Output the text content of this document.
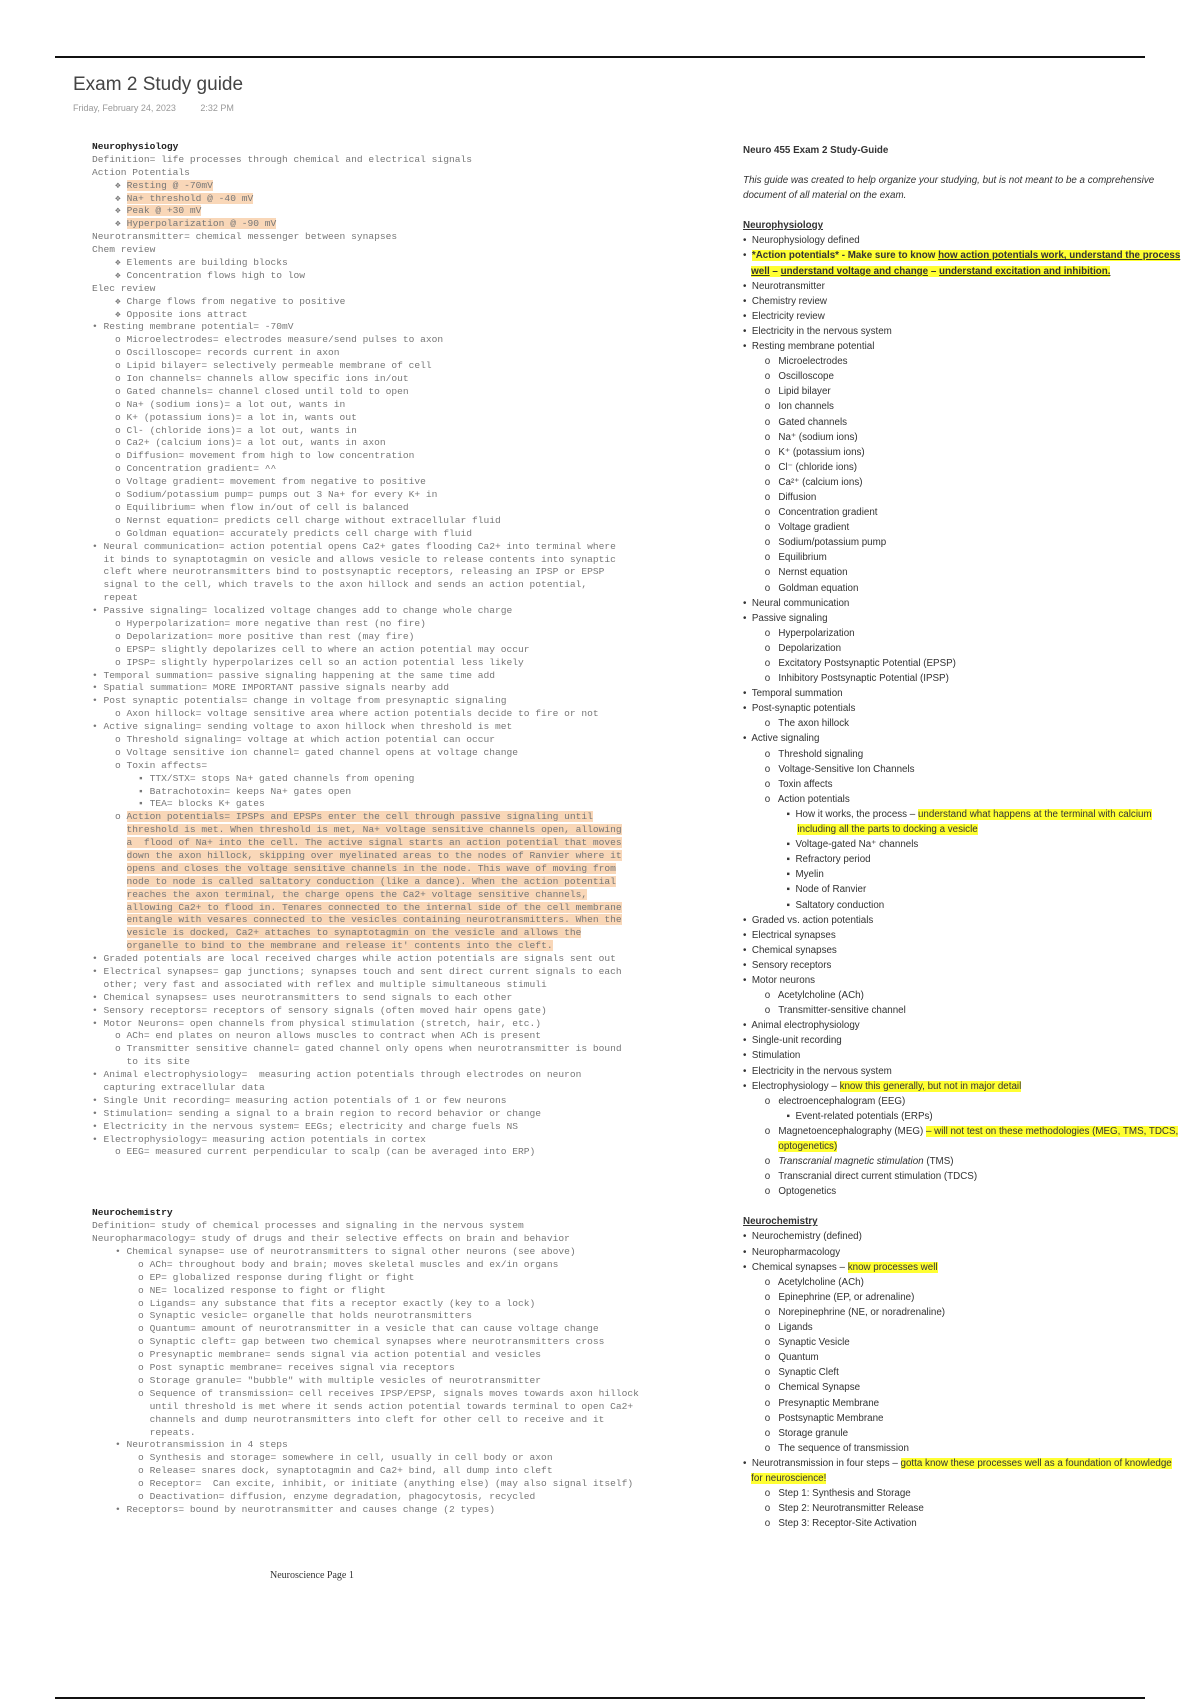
Exam 2 Study guide
Friday, February 24, 2023	2:32 PM
Neurophysiology
Definition= life processes through chemical and electrical signals
Action Potentials
❖ Resting @ -70mV
❖ Na+ threshold @ -40 mV
❖ Peak @ +30 mV
❖ Hyperpolarization @ -90 mV
Neurotransmitter= chemical messenger between synapses
Chem review
❖ Elements are building blocks
❖ Concentration flows high to low
Elec review
❖ Charge flows from negative to positive
❖ Opposite ions attract
• Resting membrane potential= -70mV
o Microelectrodes= electrodes measure/send pulses to axon
o Oscilloscope= records current in axon
o Lipid bilayer= selectively permeable membrane of cell
o Ion channels= channels allow specific ions in/out
o Gated channels= channel closed until told to open
o Na+ (sodium ions)= a lot out, wants in
o K+ (potassium ions)= a lot in, wants out
o Cl- (chloride ions)= a lot out, wants in
o Ca2+ (calcium ions)= a lot out, wants in axon
o Diffusion= movement from high to low concentration
o Concentration gradient= ^^
o Voltage gradient= movement from negative to positive
o Sodium/potassium pump= pumps out 3 Na+ for every K+ in
o Equilibrium= when flow in/out of cell is balanced
o Nernst equation= predicts cell charge without extracellular fluid
o Goldman equation= accurately predicts cell charge with fluid
• Neural communication= action potential opens Ca2+ gates flooding Ca2+ into terminal where
it binds to synaptotagmin on vesicle and allows vesicle to release contents into synaptic
cleft where neurotransmitters bind to postsynaptic receptors, releasing an IPSP or EPSP
signal to the cell, which travels to the axon hillock and sends an action potential,
repeat
• Passive signaling= localized voltage changes add to change whole charge
o Hyperpolarization= more negative than rest (no fire)
o Depolarization= more positive than rest (may fire)
o EPSP= slightly depolarizes cell to where an action potential may occur
o IPSP= slightly hyperpolarizes cell so an action potential less likely
• Temporal summation= passive signaling happening at the same time add
• Spatial summation= MORE IMPORTANT passive signals nearby add
• Post synaptic potentials= change in voltage from presynaptic signaling
o Axon hillock= voltage sensitive area where action potentials decide to fire or not
• Active signaling= sending voltage to axon hillock when threshold is met
o Threshold signaling= voltage at which action potential can occur
o Voltage sensitive ion channel= gated channel opens at voltage change
o Toxin affects=
▪ TTX/STX= stops Na+ gated channels from opening
▪ Batrachotoxin= keeps Na+ gates open
▪ TEA= blocks K+ gates
o Action potentials= IPSPs and EPSPs enter the cell through passive signaling until
threshold is met. When threshold is met, Na+ voltage sensitive channels open, allowing
a  flood of Na+ into the cell. The active signal starts an action potential that moves
down the axon hillock, skipping over myelinated areas to the nodes of Ranvier where it
opens and closes the voltage sensitive channels in the node. This wave of moving from
node to node is called saltatory conduction (like a dance). When the action potential
reaches the axon terminal, the charge opens the Ca2+ voltage sensitive channels,
allowing Ca2+ to flood in. Tenares connected to the internal side of the cell membrane
entangle with vesares connected to the vesicles containing neurotransmitters. When the
vesicle is docked, Ca2+ attaches to synaptotagmin on the vesicle and allows the
organelle to bind to the membrane and release it' contents into the cleft.
• Graded potentials are local received charges while action potentials are signals sent out
• Electrical synapses= gap junctions; synapses touch and sent direct current signals to each
other; very fast and associated with reflex and multiple simultaneous stimuli
• Chemical synapses= uses neurotransmitters to send signals to each other
• Sensory receptors= receptors of sensory signals (often moved hair opens gate)
• Motor Neurons= open channels from physical stimulation (stretch, hair, etc.)
o ACh= end plates on neuron allows muscles to contract when ACh is present
o Transmitter sensitive channel= gated channel only opens when neurotransmitter is bound
to its site
• Animal electrophysiology=  measuring action potentials through electrodes on neuron
capturing extracellular data
• Single Unit recording= measuring action potentials of 1 or few neurons
• Stimulation= sending a signal to a brain region to record behavior or change
• Electricity in the nervous system= EEGs; electricity and charge fuels NS
• Electrophysiology= measuring action potentials in cortex
o EEG= measured current perpendicular to scalp (can be averaged into ERP)
Neurochemistry
Definition= study of chemical processes and signaling in the nervous system
Neuropharmacology= study of drugs and their selective effects on brain and behavior
• Chemical synapse= use of neurotransmitters to signal other neurons (see above)
o ACh= throughout body and brain; moves skeletal muscles and ex/in organs
o EP= globalized response during flight or fight
o NE= localized response to fight or flight
o Ligands= any substance that fits a receptor exactly (key to a lock)
o Synaptic vesicle= organelle that holds neurotransmitters
o Quantum= amount of neurotransmitter in a vesicle that can cause voltage change
o Synaptic cleft= gap between two chemical synapses where neurotransmitters cross
o Presynaptic membrane= sends signal via action potential and vesicles
o Post synaptic membrane= receives signal via receptors
o Storage granule= "bubble" with multiple vesicles of neurotransmitter
o Sequence of transmission= cell receives IPSP/EPSP, signals moves towards axon hillock
until threshold is met where it sends action potential towards terminal to open Ca2+
channels and dump neurotransmitters into cleft for other cell to receive and it
repeats.
• Neurotransmission in 4 steps
o Synthesis and storage= somewhere in cell, usually in cell body or axon
o Release= snares dock, synaptotagmin and Ca2+ bind, all dump into cleft
o Receptor=  Can excite, inhibit, or initiate (anything else) (may also signal itself)
o Deactivation= diffusion, enzyme degradation, phagocytosis, recycled
• Receptors= bound by neurotransmitter and causes change (2 types)
Neuro 455 Exam 2 Study-Guide
This guide was created to help organize your studying, but is not meant to be a comprehensive
document of all material on the exam.
Neurophysiology
•  Neurophysiology defined
•  *Action potentials* - Make sure to know how action potentials work, understand the process
well – understand voltage and change – understand excitation and inhibition.
•  Neurotransmitter
•  Chemistry review
•  Electricity review
•  Electricity in the nervous system
•  Resting membrane potential
o   Microelectrodes
o   Oscilloscope
o   Lipid bilayer
o   Ion channels
o   Gated channels
o   Na⁺ (sodium ions)
o   K⁺ (potassium ions)
o   Cl⁻ (chloride ions)
o   Ca²⁺ (calcium ions)
o   Diffusion
o   Concentration gradient
o   Voltage gradient
o   Sodium/potassium pump
o   Equilibrium
o   Nernst equation
o   Goldman equation
•  Neural communication
•  Passive signaling
o   Hyperpolarization
o   Depolarization
o   Excitatory Postsynaptic Potential (EPSP)
o   Inhibitory Postsynaptic Potential (IPSP)
•  Temporal summation
•  Post-synaptic potentials
o   The axon hillock
•  Active signaling
o   Threshold signaling
o   Voltage-Sensitive Ion Channels
o   Toxin affects
o   Action potentials
▪  How it works, the process – understand what happens at the terminal with calcium
including all the parts to docking a vesicle
▪  Voltage-gated Na⁺ channels
▪  Refractory period
▪  Myelin
▪  Node of Ranvier
▪  Saltatory conduction
•  Graded vs. action potentials
•  Electrical synapses
•  Chemical synapses
•  Sensory receptors
•  Motor neurons
o   Acetylcholine (ACh)
o   Transmitter-sensitive channel
•  Animal electrophysiology
•  Single-unit recording
•  Stimulation
•  Electricity in the nervous system
•  Electrophysiology – know this generally, but not in major detail
o   electroencephalogram (EEG)
▪  Event-related potentials (ERPs)
o   Magnetoencephalography (MEG) – will not test on these methodologies (MEG, TMS, TDCS,
optogenetics)
o   Transcranial magnetic stimulation (TMS)
o   Transcranial direct current stimulation (TDCS)
o   Optogenetics
Neurochemistry
•  Neurochemistry (defined)
•  Neuropharmacology
•  Chemical synapses – know processes well
o   Acetylcholine (ACh)
o   Epinephrine (EP, or adrenaline)
o   Norepinephrine (NE, or noradrenaline)
o   Ligands
o   Synaptic Vesicle
o   Quantum
o   Synaptic Cleft
o   Chemical Synapse
o   Presynaptic Membrane
o   Postsynaptic Membrane
o   Storage granule
o   The sequence of transmission
•  Neurotransmission in four steps – gotta know these processes well as a foundation of knowledge
for neuroscience!
o   Step 1: Synthesis and Storage
o   Step 2: Neurotransmitter Release
o   Step 3: Receptor-Site Activation
Neuroscience Page 1
